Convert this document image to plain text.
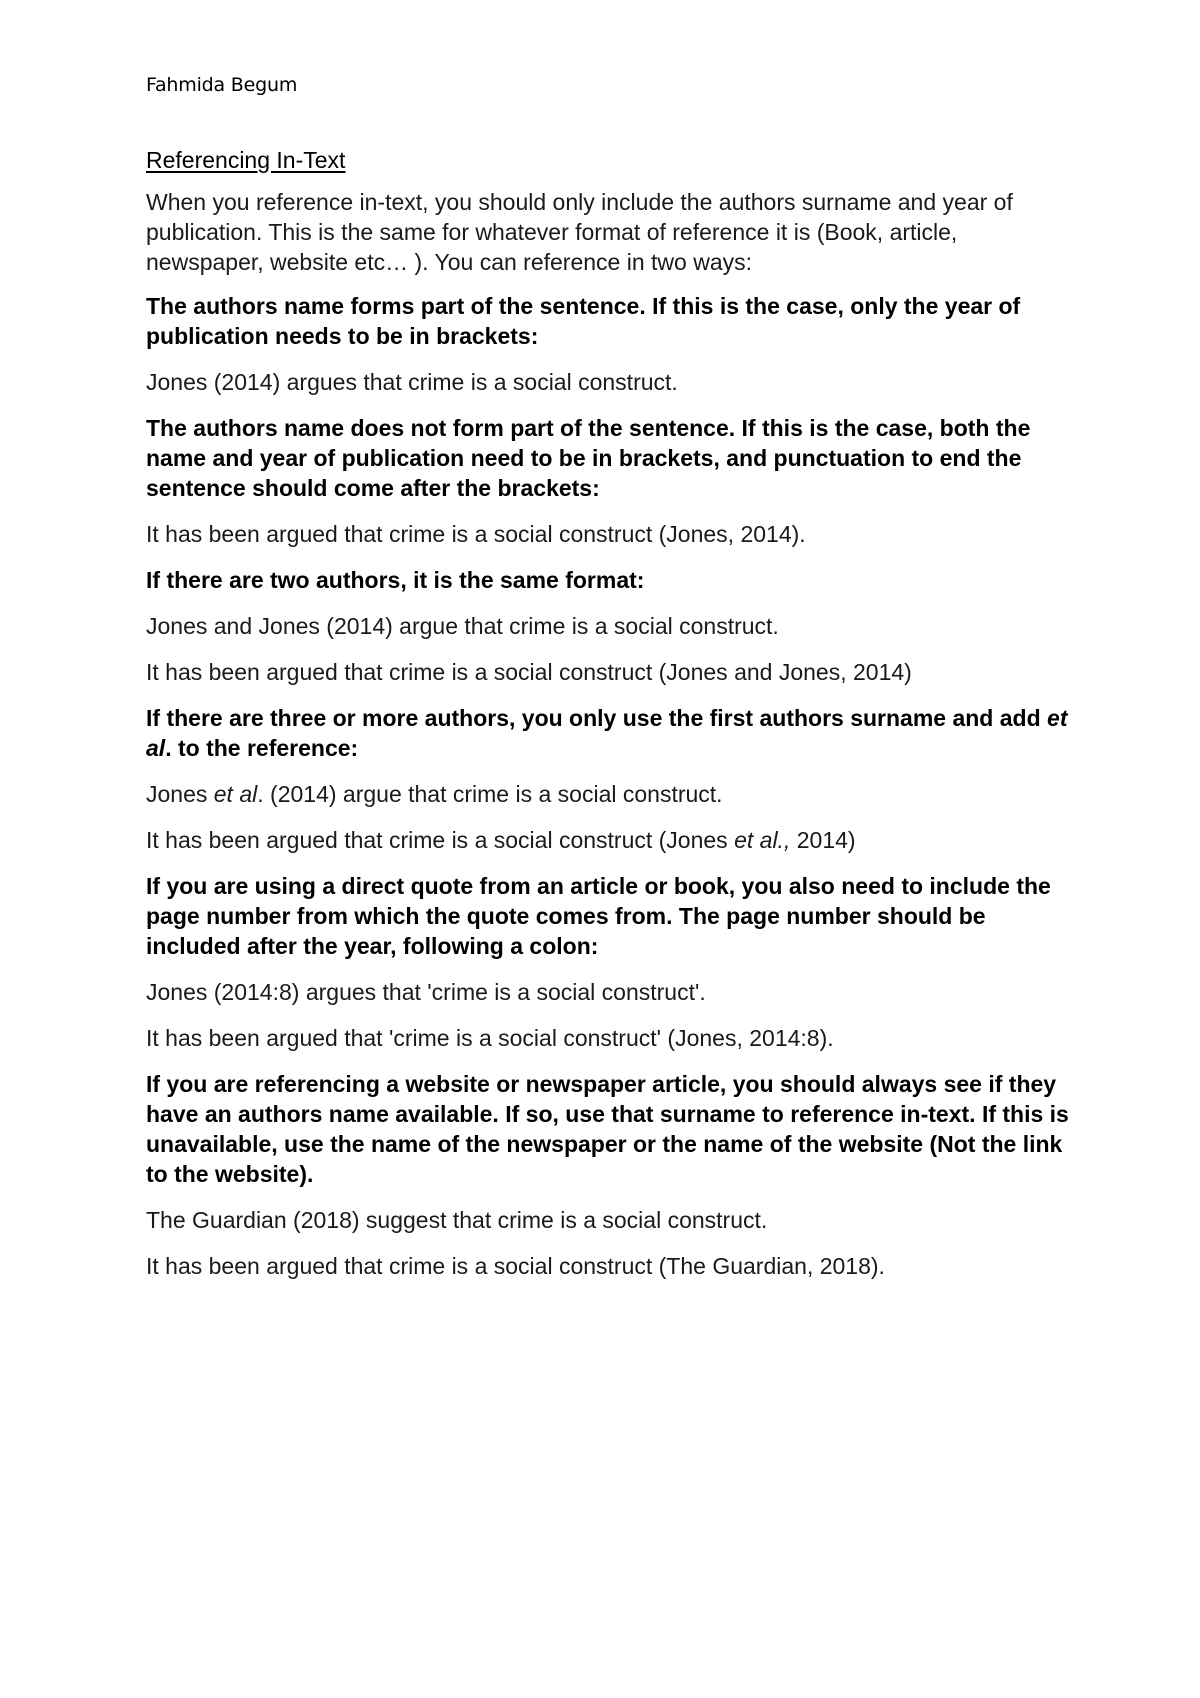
Fahmida Begum
Referencing In-Text

When you reference in-text, you should only include the authors surname and year of publication. This is the same for whatever format of reference it is (Book, article, newspaper, website etc… ). You can reference in two ways:

The authors name forms part of the sentence. If this is the case, only the year of publication needs to be in brackets:

Jones (2014) argues that crime is a social construct.

The authors name does not form part of the sentence. If this is the case, both the name and year of publication need to be in brackets, and punctuation to end the sentence should come after the brackets:

It has been argued that crime is a social construct (Jones, 2014).

If there are two authors, it is the same format:

Jones and Jones (2014) argue that crime is a social construct.

It has been argued that crime is a social construct (Jones and Jones, 2014)

If there are three or more authors, you only use the first authors surname and add et al. to the reference:

Jones et al. (2014) argue that crime is a social construct.

It has been argued that crime is a social construct (Jones et al., 2014)

If you are using a direct quote from an article or book, you also need to include the page number from which the quote comes from. The page number should be included after the year, following a colon:

Jones (2014:8) argues that 'crime is a social construct'.

It has been argued that 'crime is a social construct' (Jones, 2014:8).

If you are referencing a website or newspaper article, you should always see if they have an authors name available. If so, use that surname to reference in-text. If this is unavailable, use the name of the newspaper or the name of the website (Not the link to the website).

The Guardian (2018) suggest that crime is a social construct.

It has been argued that crime is a social construct (The Guardian, 2018).
